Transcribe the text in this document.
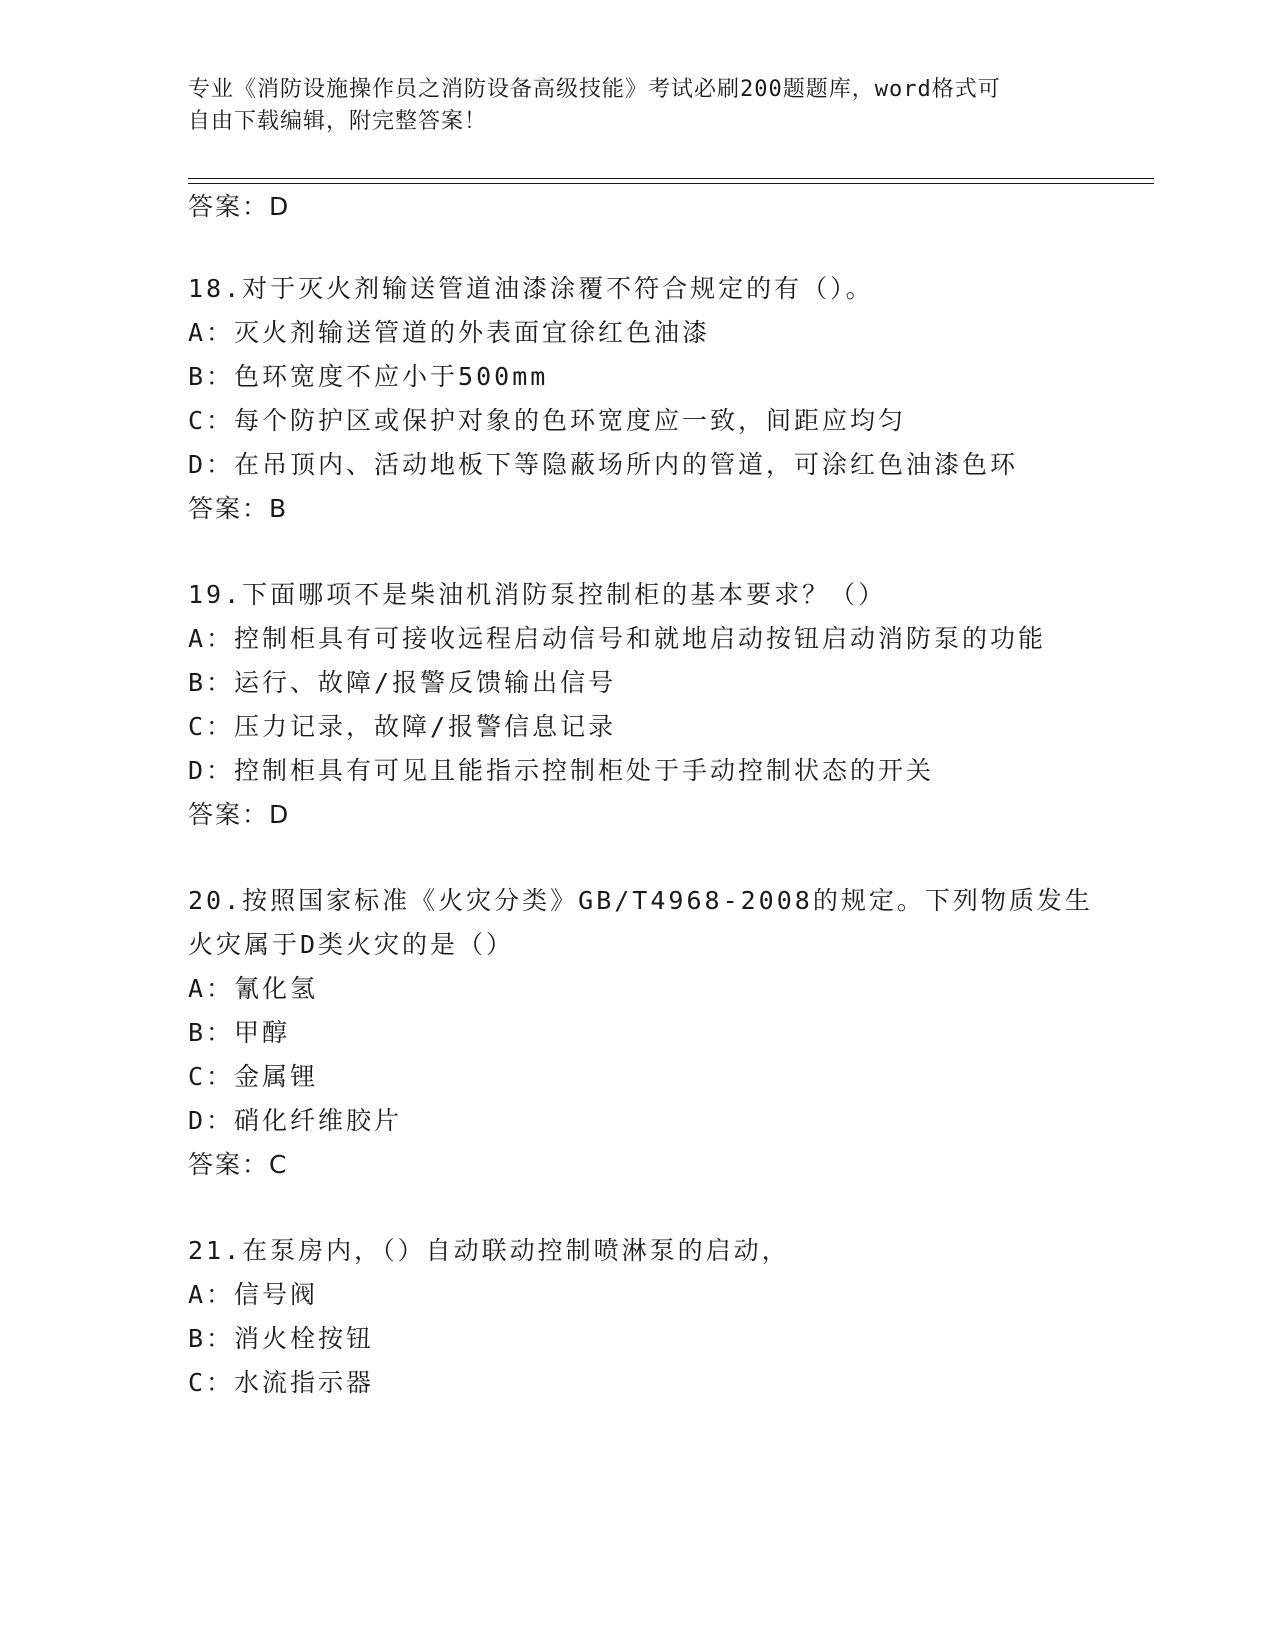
专业《消防设施操作员之消防设备高级技能》考试必刷200题题库，word格式可
自由下载编辑，附完整答案！
答案：D
18.对于灭火剂输送管道油漆涂覆不符合规定的有（）。
A：灭火剂输送管道的外表面宜徐红色油漆
B：色环宽度不应小于500mm
C：每个防护区或保护对象的色环宽度应一致，间距应均匀
D：在吊顶内、活动地板下等隐蔽场所内的管道，可涂红色油漆色环
答案：B
19.下面哪项不是柴油机消防泵控制柜的基本要求？（）
A：控制柜具有可接收远程启动信号和就地启动按钮启动消防泵的功能
B：运行、故障/报警反馈输出信号
C：压力记录，故障/报警信息记录
D：控制柜具有可见且能指示控制柜处于手动控制状态的开关
答案：D
20.按照国家标准《火灾分类》GB/T4968-2008的规定。下列物质发生
火灾属于D类火灾的是（）
A：氰化氢
B：甲醇
C：金属锂
D：硝化纤维胶片
答案：C
21.在泵房内，（）自动联动控制喷淋泵的启动，
A：信号阀
B：消火栓按钮
C：水流指示器
